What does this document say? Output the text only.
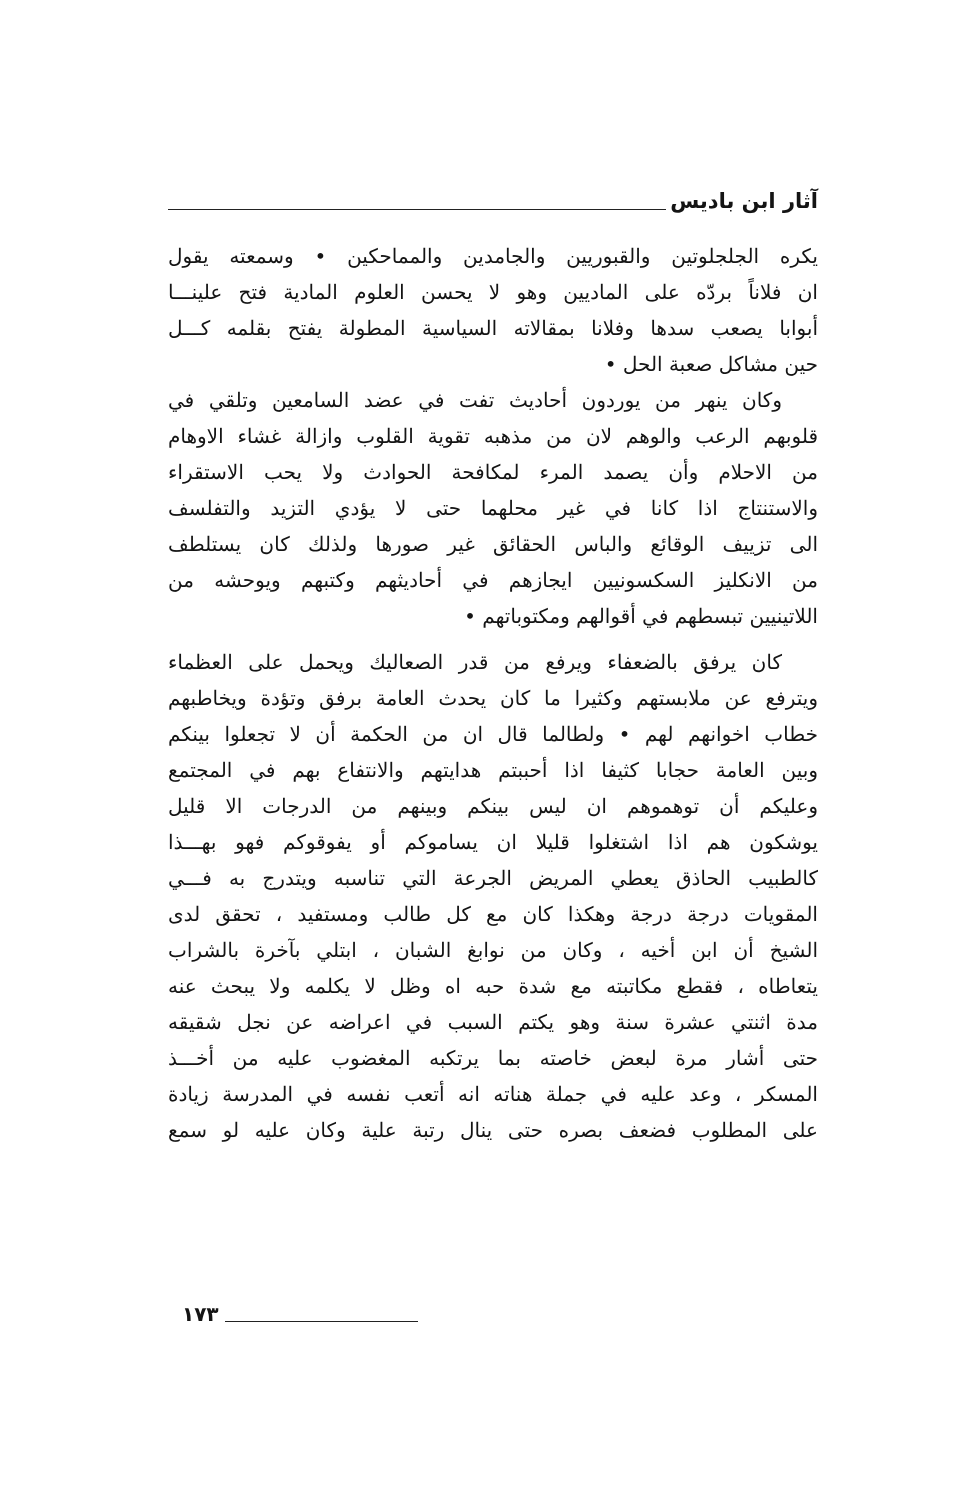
آثار ابن باديس
يكره الجلجلوتين والقبوريين والجامدين والمماحكين • وسمعته يقول
ان فلاناً بردّه على الماديين وهو لا يحسن العلوم المادية فتح علينـــا
أبوابا يصعب سدها وفلانا بمقالاته السياسية المطولة يفتح بقلمه كـــل
حين مشاكل صعبة الحل •
وكان ينهر من يوردون أحاديث تفت في عضد السامعين وتلقي في
قلوبهم الرعب والوهم لان من مذهبه تقوية القلوب وازالة غشاء الاوهام
من الاحلام وأن يصمد المرء لمكافحة الحوادث ولا يحب الاستقراء
والاستنتاج اذا كانا في غير محلهما حتى لا يؤدي التزيد والتفلسف
الى تزييف الوقائع والباس الحقائق غير صورها ولذلك كان يستلطف
من الانكليز السكسونيين ايجازهم في أحاديثهم وكتبهم ويوحشه من
اللاتينيين تبسطهم في أقوالهم ومكتوباتهم •
كان يرفق بالضعفاء ويرفع من قدر الصعاليك ويحمل على العظماء
ويترفع عن ملابستهم وكثيرا ما كان يحدث العامة برفق وتؤدة ويخاطبهم
خطاب اخوانهم لهم • ولطالما قال ان من الحكمة أن لا تجعلوا بينكم
وبين العامة حجابا كثيفا اذا أحببتم هدايتهم والانتفاع بهم في المجتمع
وعليكم أن توهموهم ان ليس بينكم وبينهم من الدرجات الا قليل
يوشكون هم اذا اشتغلوا قليلا ان يساموكم أو يفوقوكم فهو بهـــذا
كالطبيب الحاذق يعطي المريض الجرعة التي تناسبه ويتدرج به فـــي
المقويات درجة درجة وهكذا كان مع كل طالب ومستفيد ، تحقق لدى
الشيخ أن ابن أخيه ، وكان من نوابغ الشبان ، ابتلي بآخرة بالشراب
يتعاطاه ، فقطع مكاتبته مع شدة حبه اه وظل لا يكلمه ولا يبحث عنه
مدة اثنتي عشرة سنة وهو يكتم السبب في اعراضه عن نجل شقيقه
حتى أشار مرة لبعض خاصته بما يرتكبه المغضوب عليه من أخـــذ
المسكر ، وعد عليه في جملة هناته انه أتعب نفسه في المدرسة زيادة
على المطلوب فضعف بصره حتى ينال رتبة علية وكان عليه لو سمع
١٧٣
